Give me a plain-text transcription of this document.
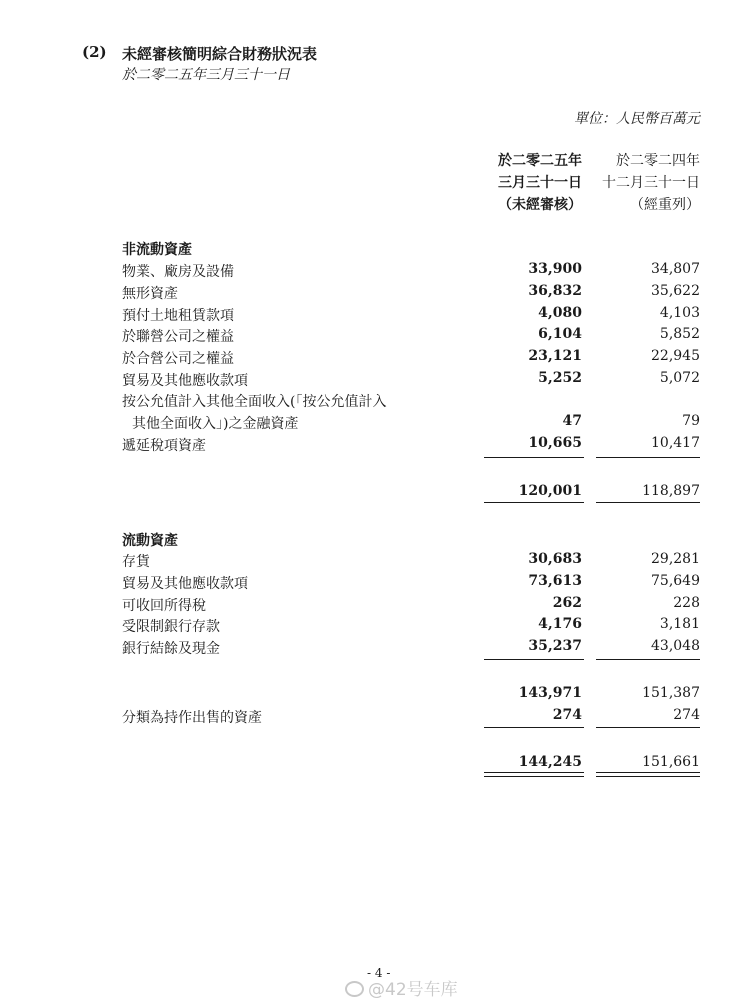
(2) 未經審核簡明綜合財務狀況表
於二零二五年三月三十一日
單位：人民幣百萬元
於二零二五年
三月三十一日
（未經審核）
於二零二四年
十二月三十一日
（經重列）
非流動資產
物業、廠房及設備	33,900	34,807
無形資產	36,832	35,622
預付土地租賃款項	4,080	4,103
於聯營公司之權益	6,104	5,852
於合營公司之權益	23,121	22,945
貿易及其他應收款項	5,252	5,072
按公允值計入其他全面收入(「按公允值計入
其他全面收入」)之金融資產	47	79
遞延稅項資產	10,665	10,417
120,001	118,897
流動資產
存貨	30,683	29,281
貿易及其他應收款項	73,613	75,649
可收回所得稅	262	228
受限制銀行存款	4,176	3,181
銀行結餘及現金	35,237	43,048
143,971	151,387
分類為持作出售的資產	274	274
144,245	151,661
- 4 -
@42号车库
